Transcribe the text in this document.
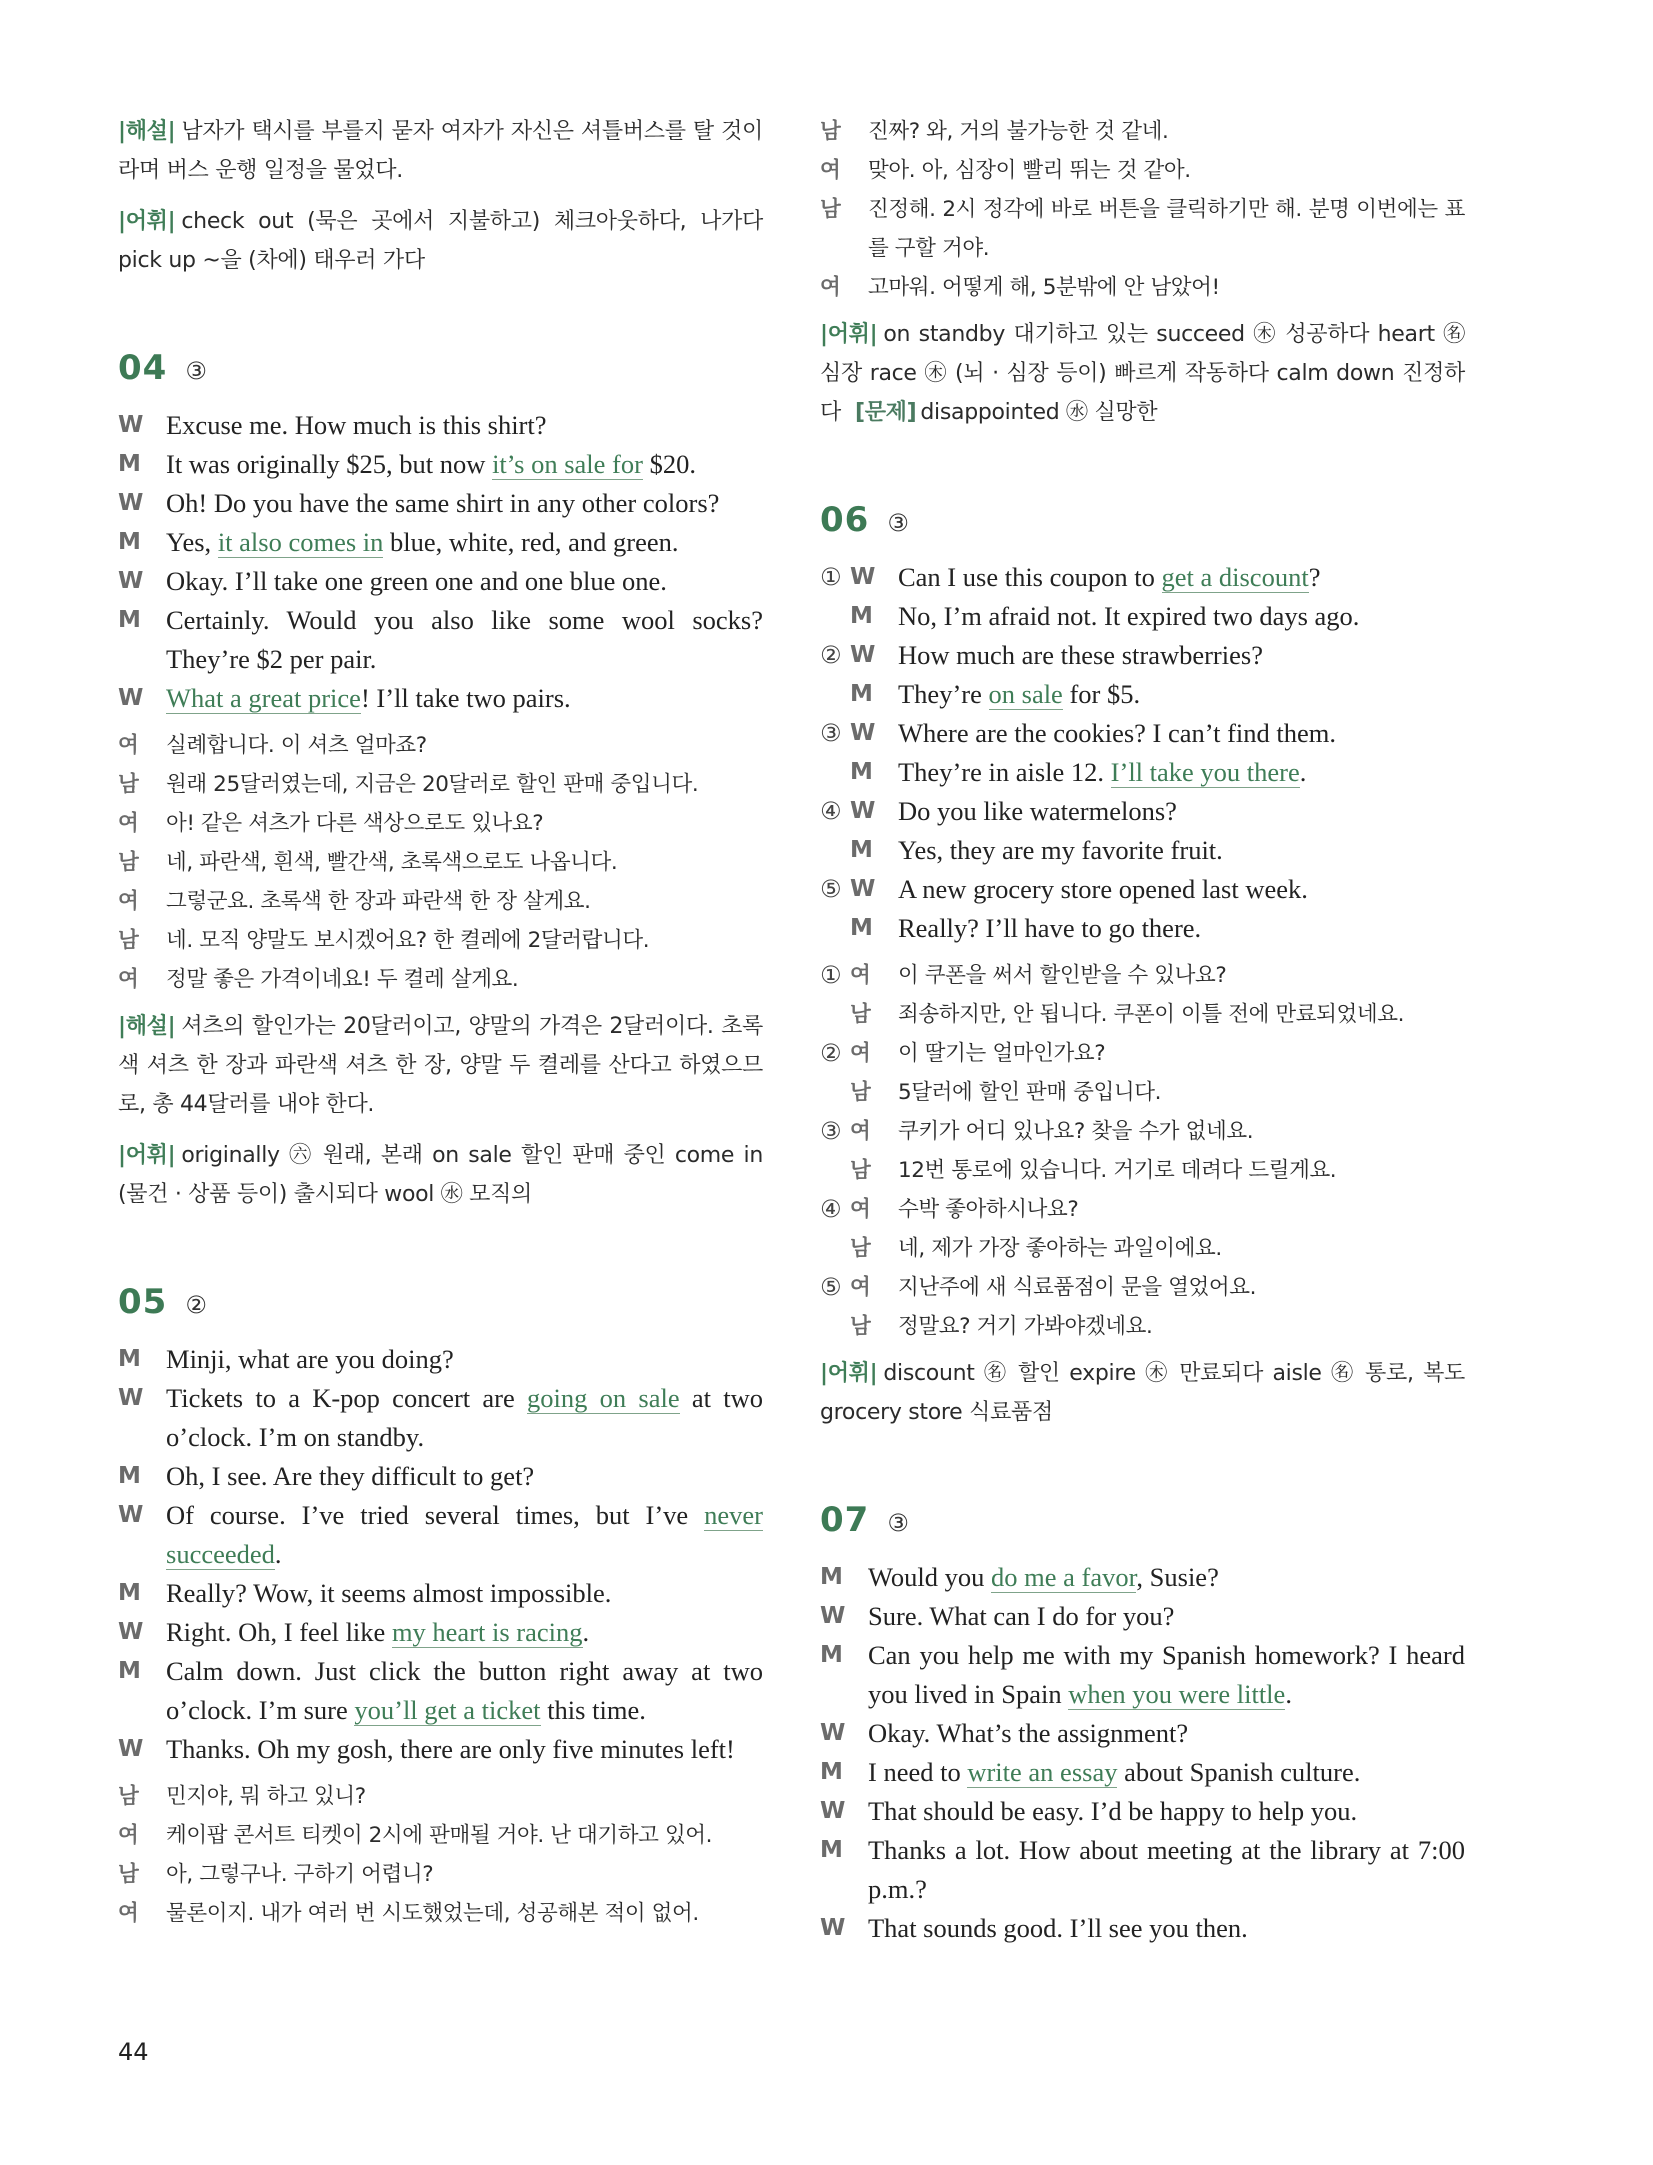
|해설| 남자가 택시를 부를지 묻자 여자가 자신은 셔틀버스를 탈 것이라며 버스 운행 일정을 물었다.

|어휘| check out (묵은 곳에서 지불하고) 체크아웃하다, 나가다 pick up ~을 (차에) 태우러 가다

04 ③
W Excuse me. How much is this shirt?
M It was originally $25, but now it’s on sale for $20.
W Oh! Do you have the same shirt in any other colors?
M Yes, it also comes in blue, white, red, and green.
W Okay. I’ll take one green one and one blue one.
M Certainly. Would you also like some wool socks? They’re $2 per pair.
W What a great price! I’ll take two pairs.
여	실례합니다. 이 셔츠 얼마죠?
남	원래 25달러였는데, 지금은 20달러로 할인 판매 중입니다.
여	아! 같은 셔츠가 다른 색상으로도 있나요?
남	네, 파란색, 흰색, 빨간색, 초록색으로도 나옵니다.
여	그렇군요. 초록색 한 장과 파란색 한 장 살게요.
남	네. 모직 양말도 보시겠어요? 한 켤레에 2달러랍니다.
여	정말 좋은 가격이네요! 두 켤레 살게요.

|해설| 셔츠의 할인가는 20달러이고, 양말의 가격은 2달러이다. 초록색 셔츠 한 장과 파란색 셔츠 한 장, 양말 두 켤레를 산다고 하였으므로, 총 44달러를 내야 한다.

|어휘| originally ㊅ 원래, 본래 on sale 할인 판매 중인 come in (물건 · 상품 등이) 출시되다 wool ㊌ 모직의

05 ②
M Minji, what are you doing?
W Tickets to a K-pop concert are going on sale at two o’clock. I’m on standby.
M Oh, I see. Are they difficult to get?
W Of course. I’ve tried several times, but I’ve never succeeded.
M Really? Wow, it seems almost impossible.
W Right. Oh, I feel like my heart is racing.
M Calm down. Just click the button right away at two o’clock. I’m sure you’ll get a ticket this time.
W Thanks. Oh my gosh, there are only five minutes left!
남	민지야, 뭐 하고 있니?
여	케이팝 콘서트 티켓이 2시에 판매될 거야. 난 대기하고 있어.
남	아, 그렇구나. 구하기 어렵니?
여	물론이지. 내가 여러 번 시도했었는데, 성공해본 적이 없어.
남	진짜? 와, 거의 불가능한 것 같네.
여	맞아. 아, 심장이 빨리 뛰는 것 같아.
남	진정해. 2시 정각에 바로 버튼을 클릭하기만 해. 분명 이번에는 표를 구할 거야.
여	고마워. 어떻게 해, 5분밖에 안 남았어!

|어휘| on standby 대기하고 있는 succeed ㊍ 성공하다 heart ㊔ 심장 race ㊍ (뇌 · 심장 등이) 빠르게 작동하다 calm down 진정하다 [문제] disappointed ㊌ 실망한

06 ③
① W Can I use this coupon to get a discount?
M No, I’m afraid not. It expired two days ago.
② W How much are these strawberries?
M They’re on sale for $5.
③ W Where are the cookies? I can’t find them.
M They’re in aisle 12. I’ll take you there.
④ W Do you like watermelons?
M Yes, they are my favorite fruit.
⑤ W A new grocery store opened last week.
M Really? I’ll have to go there.
① 여	이 쿠폰을 써서 할인받을 수 있나요?
남	죄송하지만, 안 됩니다. 쿠폰이 이틀 전에 만료되었네요.
② 여	이 딸기는 얼마인가요?
남	5달러에 할인 판매 중입니다.
③ 여	쿠키가 어디 있나요? 찾을 수가 없네요.
남	12번 통로에 있습니다. 거기로 데려다 드릴게요.
④ 여	수박 좋아하시나요?
남	네, 제가 가장 좋아하는 과일이에요.
⑤ 여	지난주에 새 식료품점이 문을 열었어요.
남	정말요? 거기 가봐야겠네요.

|어휘| discount ㊔ 할인 expire ㊍ 만료되다 aisle ㊔ 통로, 복도 grocery store 식료품점

07 ③
M Would you do me a favor, Susie?
W Sure. What can I do for you?
M Can you help me with my Spanish homework? I heard you lived in Spain when you were little.
W Okay. What’s the assignment?
M I need to write an essay about Spanish culture.
W That should be easy. I’d be happy to help you.
M Thanks a lot. How about meeting at the library at 7:00 p.m.?
W That sounds good. I’ll see you then.
44
